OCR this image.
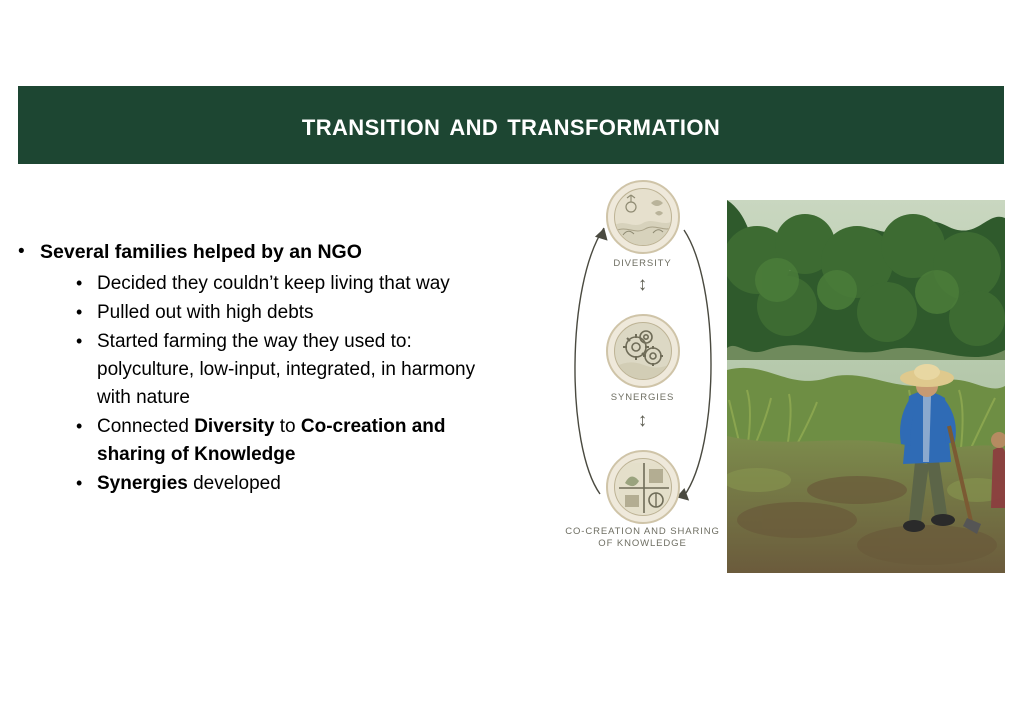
transition and transformation
• Several families helped by an NGO
• Decided they couldn’t keep living that way
• Pulled out with high debts
• Started farming the way they used to: polyculture, low-input, integrated, in harmony with nature
• Connected Diversity to Co-creation and sharing of Knowledge
• Synergies developed
DIVERSITY
↕
SYNERGIES
↕
CO-CREATION AND SHARING OF KNOWLEDGE
